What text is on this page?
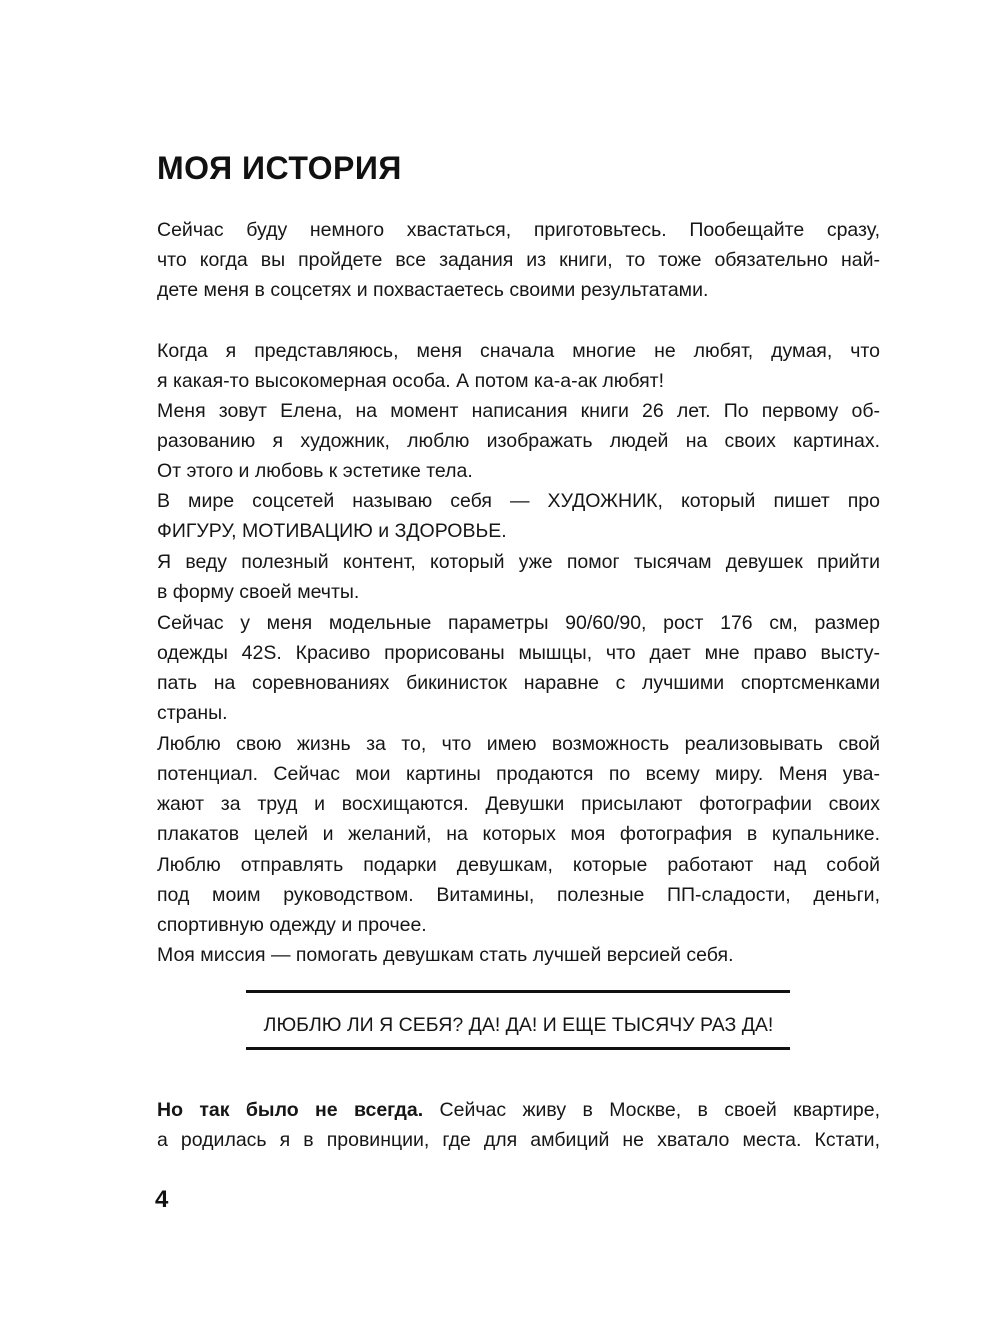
МОЯ ИСТОРИЯ

Сейчас буду немного хвастаться, приготовьтесь. Пообещайте сразу,

что когда вы пройдете все задания из книги, то тоже обязательно най-

дете меня в соцсетях и похвастаетесь своими результатами.

Когда я представляюсь, меня сначала многие не любят, думая, что

я какая-то высокомерная особа. А потом ка-а-ак любят!

Меня зовут Елена, на момент написания книги 26 лет. По первому об-

разованию я художник, люблю изображать людей на своих картинах.

От этого и любовь к эстетике тела.

В мире соцсетей называю себя — ХУДОЖНИК, который пишет про

ФИГУРУ, МОТИВАЦИЮ и ЗДОРОВЬЕ.

Я веду полезный контент, который уже помог тысячам девушек прийти

в форму своей мечты.

Сейчас у меня модельные параметры 90/60/90, рост 176 см, размер

одежды 42S. Красиво прорисованы мышцы, что дает мне право высту-

пать на соревнованиях бикинисток наравне с лучшими спортсменками

страны.

Люблю свою жизнь за то, что имею возможность реализовывать свой

потенциал. Сейчас мои картины продаются по всему миру. Меня ува-

жают за труд и восхищаются. Девушки присылают фотографии своих

плакатов целей и желаний, на которых моя фотография в купальнике.

Люблю отправлять подарки девушкам, которые работают над собой

под моим руководством. Витамины, полезные ПП-сладости, деньги,

спортивную одежду и прочее.

Моя миссия — помогать девушкам стать лучшей версией себя.

ЛЮБЛЮ ЛИ Я СЕБЯ? ДА! ДА! И ЕЩЕ ТЫСЯЧУ РАЗ ДА!

Но так было не всегда. Сейчас живу в Москве, в своей квартире,

а родилась я в провинции, где для амбиций не хватало места. Кстати,

4
